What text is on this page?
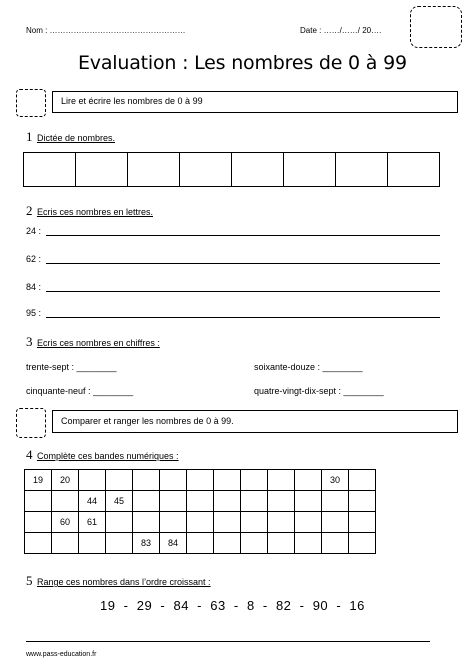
Nom : ……………………………………………	Date : ……/……/ 20….
Evaluation : Les nombres de 0 à 99
Lire et écrire les nombres de 0 à 99
1 Dictée de nombres.
2 Ecris ces nombres en lettres.
24 :
62 :
84 :
95 :
3 Ecris ces nombres en chiffres :
trente-sept : ________
cinquante-neuf : ________
soixante-douze : ________
quatre-vingt-dix-sept : ________
Comparer et ranger les nombres de 0 à 99.
4 Complète ces bandes numériques :
19	20										30	
		44	45									
	60	61										
				83	84							
5 Range ces nombres dans l’ordre croissant :
19  -  29  -  84  -  63  -  8  -  82  -  90  -  16
www.pass-education.fr
